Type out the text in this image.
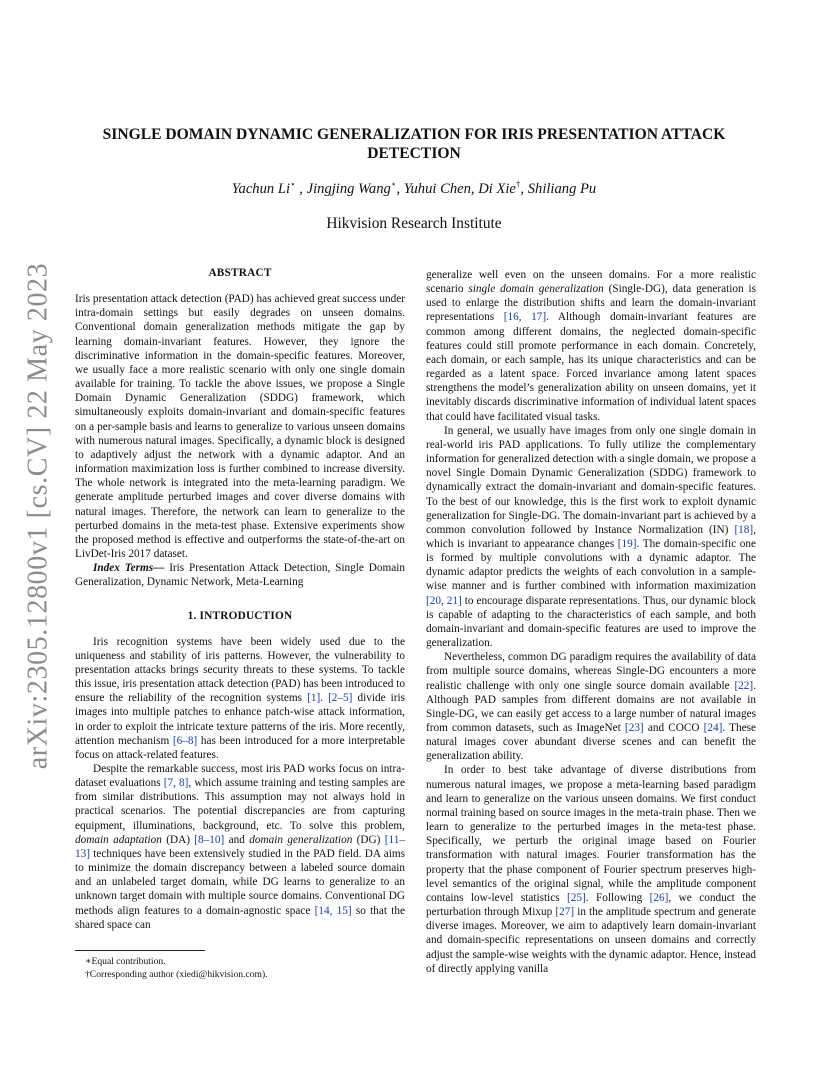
arXiv:2305.12800v1 [cs.CV] 22 May 2023
SINGLE DOMAIN DYNAMIC GENERALIZATION FOR IRIS PRESENTATION ATTACK DETECTION
Yachun Li⋆ , Jingjing Wang⋆, Yuhui Chen, Di Xie†, Shiliang Pu
Hikvision Research Institute
ABSTRACT

Iris presentation attack detection (PAD) has achieved great success under intra-domain settings but easily degrades on unseen domains. Conventional domain generalization methods mitigate the gap by learning domain-invariant features. However, they ignore the discriminative information in the domain-specific features. Moreover, we usually face a more realistic scenario with only one single domain available for training. To tackle the above issues, we propose a Single Domain Dynamic Generalization (SDDG) framework, which simultaneously exploits domain-invariant and domain-specific features on a per-sample basis and learns to generalize to various unseen domains with numerous natural images. Specifically, a dynamic block is designed to adaptively adjust the network with a dynamic adaptor. And an information maximization loss is further combined to increase diversity. The whole network is integrated into the meta-learning paradigm. We generate amplitude perturbed images and cover diverse domains with natural images. Therefore, the network can learn to generalize to the perturbed domains in the meta-test phase. Extensive experiments show the proposed method is effective and outperforms the state-of-the-art on LivDet-Iris 2017 dataset.

Index Terms— Iris Presentation Attack Detection, Single Domain Generalization, Dynamic Network, Meta-Learning

1. INTRODUCTION

Iris recognition systems have been widely used due to the uniqueness and stability of iris patterns. However, the vulnerability to presentation attacks brings security threats to these systems. To tackle this issue, iris presentation attack detection (PAD) has been introduced to ensure the reliability of the recognition systems [1]. [2–5] divide iris images into multiple patches to enhance patch-wise attack information, in order to exploit the intricate texture patterns of the iris. More recently, attention mechanism [6–8] has been introduced for a more interpretable focus on attack-related features.

Despite the remarkable success, most iris PAD works focus on intra-dataset evaluations [7, 8], which assume training and testing samples are from similar distributions. This assumption may not always hold in practical scenarios. The potential discrepancies are from capturing equipment, illuminations, background, etc. To solve this problem, domain adaptation (DA) [8–10] and domain generalization (DG) [11–13] techniques have been extensively studied in the PAD field. DA aims to minimize the domain discrepancy between a labeled source domain and an unlabeled target domain, while DG learns to generalize to an unknown target domain with multiple source domains. Conventional DG methods align features to a domain-agnostic space [14, 15] so that the shared space can

generalize well even on the unseen domains. For a more realistic scenario single domain generalization (Single-DG), data generation is used to enlarge the distribution shifts and learn the domain-invariant representations [16, 17]. Although domain-invariant features are common among different domains, the neglected domain-specific features could still promote performance in each domain. Concretely, each domain, or each sample, has its unique characteristics and can be regarded as a latent space. Forced invariance among latent spaces strengthens the model’s generalization ability on unseen domains, yet it inevitably discards discriminative information of individual latent spaces that could have facilitated visual tasks.

In general, we usually have images from only one single domain in real-world iris PAD applications. To fully utilize the complementary information for generalized detection with a single domain, we propose a novel Single Domain Dynamic Generalization (SDDG) framework to dynamically extract the domain-invariant and domain-specific features. To the best of our knowledge, this is the first work to exploit dynamic generalization for Single-DG. The domain-invariant part is achieved by a common convolution followed by Instance Normalization (IN) [18], which is invariant to appearance changes [19]. The domain-specific one is formed by multiple convolutions with a dynamic adaptor. The dynamic adaptor predicts the weights of each convolution in a sample-wise manner and is further combined with information maximization [20, 21] to encourage disparate representations. Thus, our dynamic block is capable of adapting to the characteristics of each sample, and both domain-invariant and domain-specific features are used to improve the generalization.

Nevertheless, common DG paradigm requires the availability of data from multiple source domains, whereas Single-DG encounters a more realistic challenge with only one single source domain available [22]. Although PAD samples from different domains are not available in Single-DG, we can easily get access to a large number of natural images from common datasets, such as ImageNet [23] and COCO [24]. These natural images cover abundant diverse scenes and can benefit the generalization ability.

In order to best take advantage of diverse distributions from numerous natural images, we propose a meta-learning based paradigm and learn to generalize on the various unseen domains. We first conduct normal training based on source images in the meta-train phase. Then we learn to generalize to the perturbed images in the meta-test phase. Specifically, we perturb the original image based on Fourier transformation with natural images. Fourier transformation has the property that the phase component of Fourier spectrum preserves high-level semantics of the original signal, while the amplitude component contains low-level statistics [25]. Following [26], we conduct the perturbation through Mixup [27] in the amplitude spectrum and generate diverse images. Moreover, we aim to adaptively learn domain-invariant and domain-specific representations on unseen domains and correctly adjust the sample-wise weights with the dynamic adaptor. Hence, instead of directly applying vanilla

∗Equal contribution.
†Corresponding author (xiedi@hikvision.com).
